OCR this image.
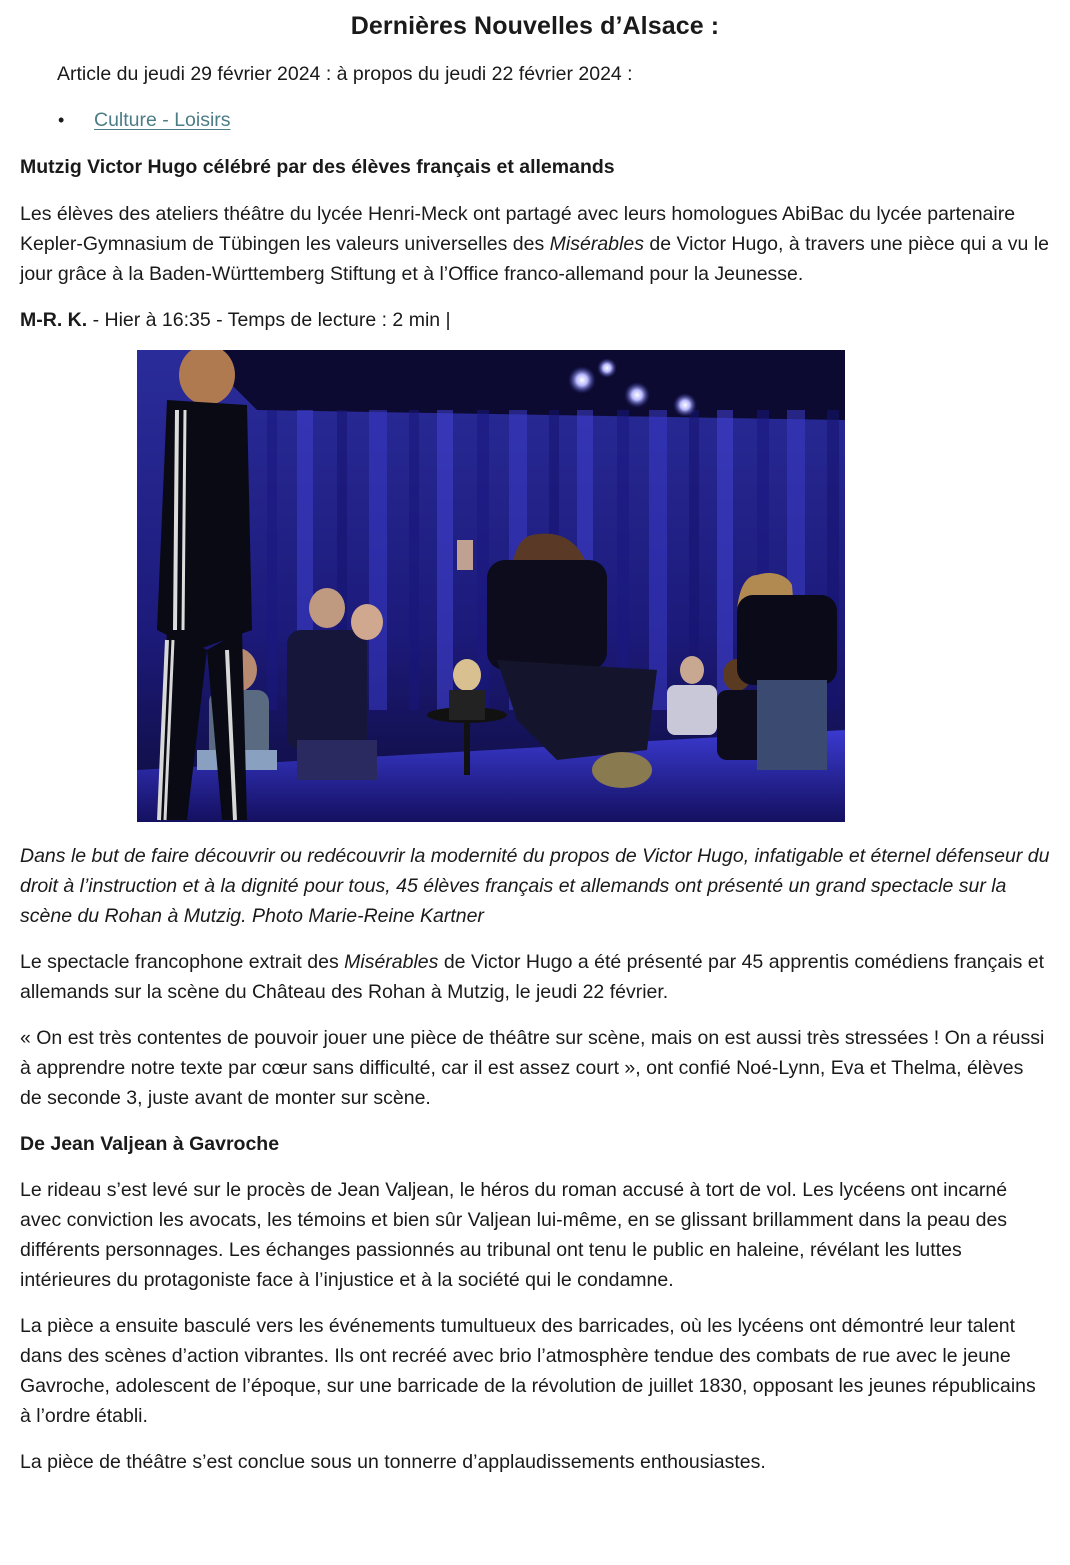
Dernières Nouvelles d’Alsace :

Article du jeudi 29 février 2024 : à propos du jeudi 22 février 2024 :

• Culture - Loisirs

Mutzig Victor Hugo célébré par des élèves français et allemands

Les élèves des ateliers théâtre du lycée Henri-Meck ont partagé avec leurs homologues AbiBac du lycée partenaire Kepler-Gymnasium de Tübingen les valeurs universelles des Misérables de Victor Hugo, à travers une pièce qui a vu le jour grâce à la Baden-Württemberg Stiftung et à l’Office franco-allemand pour la Jeunesse.

M-R. K. - Hier à 16:35 - Temps de lecture : 2 min |

Dans le but de faire découvrir ou redécouvrir la modernité du propos de Victor Hugo, infatigable et éternel défenseur du droit à l’instruction et à la dignité pour tous, 45 élèves français et allemands ont présenté un grand spectacle sur la scène du Rohan à Mutzig. Photo Marie-Reine Kartner

Le spectacle francophone extrait des Misérables de Victor Hugo a été présenté par 45 apprentis comédiens français et allemands sur la scène du Château des Rohan à Mutzig, le jeudi 22 février.

« On est très contentes de pouvoir jouer une pièce de théâtre sur scène, mais on est aussi très stressées ! On a réussi à apprendre notre texte par cœur sans difficulté, car il est assez court », ont confié Noé-Lynn, Eva et Thelma, élèves de seconde 3, juste avant de monter sur scène.

De Jean Valjean à Gavroche

Le rideau s’est levé sur le procès de Jean Valjean, le héros du roman accusé à tort de vol. Les lycéens ont incarné avec conviction les avocats, les témoins et bien sûr Valjean lui-même, en se glissant brillamment dans la peau des différents personnages. Les échanges passionnés au tribunal ont tenu le public en haleine, révélant les luttes intérieures du protagoniste face à l’injustice et à la société qui le condamne.

La pièce a ensuite basculé vers les événements tumultueux des barricades, où les lycéens ont démontré leur talent dans des scènes d’action vibrantes. Ils ont recréé avec brio l’atmosphère tendue des combats de rue avec le jeune Gavroche, adolescent de l’époque, sur une barricade de la révolution de juillet 1830, opposant les jeunes républicains à l’ordre établi.

La pièce de théâtre s’est conclue sous un tonnerre d’applaudissements enthousiastes.
